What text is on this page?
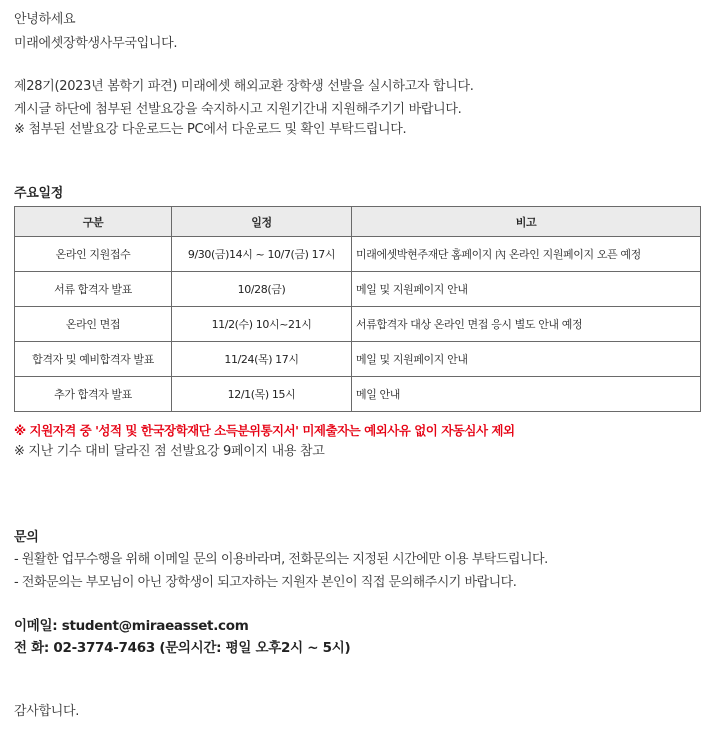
안녕하세요
미래에셋장학생사무국입니다.
제28기(2023년 봄학기 파견) 미래에셋 해외교환 장학생 선발을 실시하고자 합니다.
게시글 하단에 첨부된 선발요강을 숙지하시고 지원기간내 지원해주기기 바랍니다.
※ 첨부된 선발요강 다운로드는 PC에서 다운로드 및 확인 부탁드립니다.
주요일정
구분	일정	비고
온라인 지원접수	9/30(금)14시 ~ 10/7(금) 17시	미래에셋박현주재단 홈페이지 內 온라인 지원페이지 오픈 예정
서류 합격자 발표	10/28(금)	메일 및 지원페이지 안내
온라인 면접	11/2(수) 10시~21시	서류합격자 대상 온라인 면접 응시 별도 안내 예정
합격자 및 예비합격자 발표	11/24(목) 17시	메일 및 지원페이지 안내
추가 합격자 발표	12/1(목) 15시	메일 안내
※ 지원자격 중 '성적 및 한국장학재단 소득분위통지서' 미제출자는 예외사유 없이 자동심사 제외
※ 지난 기수 대비 달라진 점 선발요강 9페이지 내용 참고
문의
- 원활한 업무수행을 위해 이메일 문의 이용바라며, 전화문의는 지정된 시간에만 이용 부탁드립니다.
- 전화문의는 부모님이 아닌 장학생이 되고자하는 지원자 본인이 직접 문의해주시기 바랍니다.
이메일: student@miraeasset.com
전 화: 02-3774-7463 (문의시간: 평일 오후2시 ~ 5시)
감사합니다.
